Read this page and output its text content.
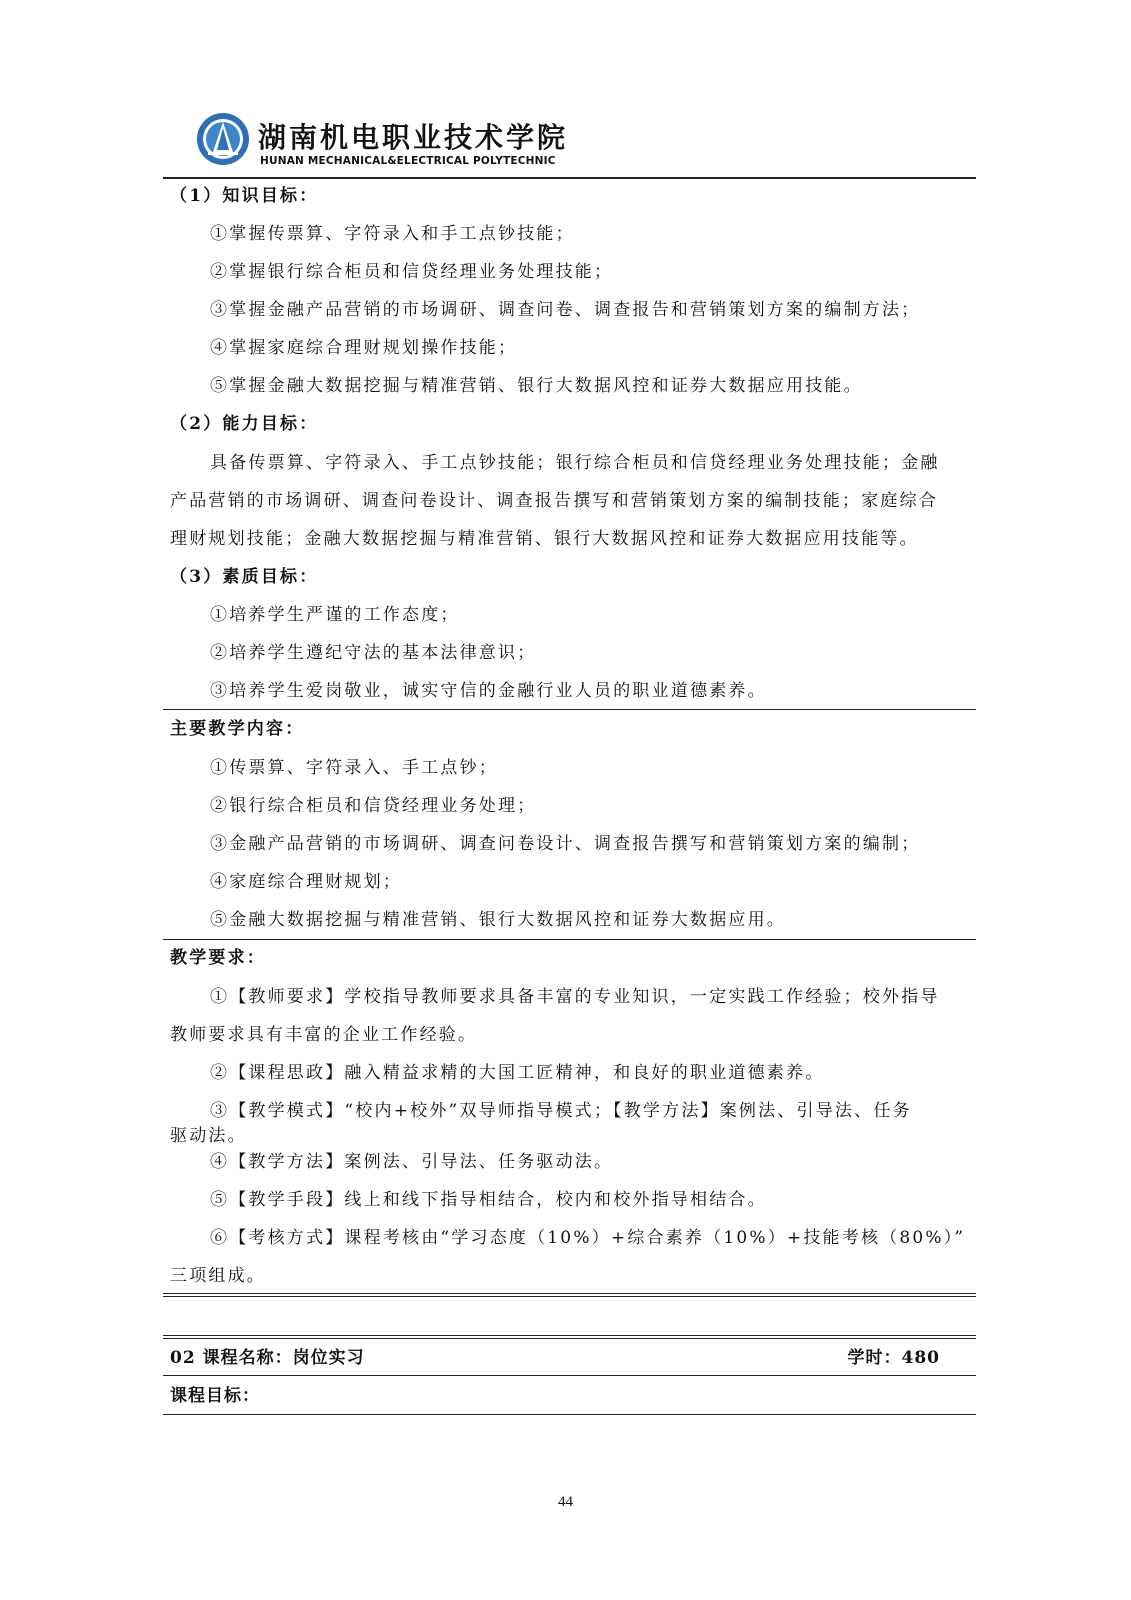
湖南机电职业技术学院
HUNAN MECHANICAL&ELECTRICAL POLYTECHNIC
（1）知识目标：
①掌握传票算、字符录入和手工点钞技能；
②掌握银行综合柜员和信贷经理业务处理技能；
③掌握金融产品营销的市场调研、调查问卷、调查报告和营销策划方案的编制方法；
④掌握家庭综合理财规划操作技能；
⑤掌握金融大数据挖掘与精准营销、银行大数据风控和证券大数据应用技能。
（2）能力目标：
具备传票算、字符录入、手工点钞技能；银行综合柜员和信贷经理业务处理技能；金融
产品营销的市场调研、调查问卷设计、调查报告撰写和营销策划方案的编制技能；家庭综合
理财规划技能；金融大数据挖掘与精准营销、银行大数据风控和证券大数据应用技能等。
（3）素质目标：
①培养学生严谨的工作态度；
②培养学生遵纪守法的基本法律意识；
③培养学生爱岗敬业，诚实守信的金融行业人员的职业道德素养。
主要教学内容：
①传票算、字符录入、手工点钞；
②银行综合柜员和信贷经理业务处理；
③金融产品营销的市场调研、调查问卷设计、调查报告撰写和营销策划方案的编制；
④家庭综合理财规划；
⑤金融大数据挖掘与精准营销、银行大数据风控和证券大数据应用。
教学要求：
①【教师要求】学校指导教师要求具备丰富的专业知识，一定实践工作经验；校外指导
教师要求具有丰富的企业工作经验。
②【课程思政】融入精益求精的大国工匠精神，和良好的职业道德素养。
③【教学模式】“校内+校外”双导师指导模式；【教学方法】案例法、引导法、任务
驱动法。
④【教学方法】案例法、引导法、任务驱动法。
⑤【教学手段】线上和线下指导相结合，校内和校外指导相结合。
⑥【考核方式】课程考核由“学习态度（10%）+综合素养（10%）+技能考核（80%）”
三项组成。
02 课程名称：岗位实习	学时：480
课程目标：
44
